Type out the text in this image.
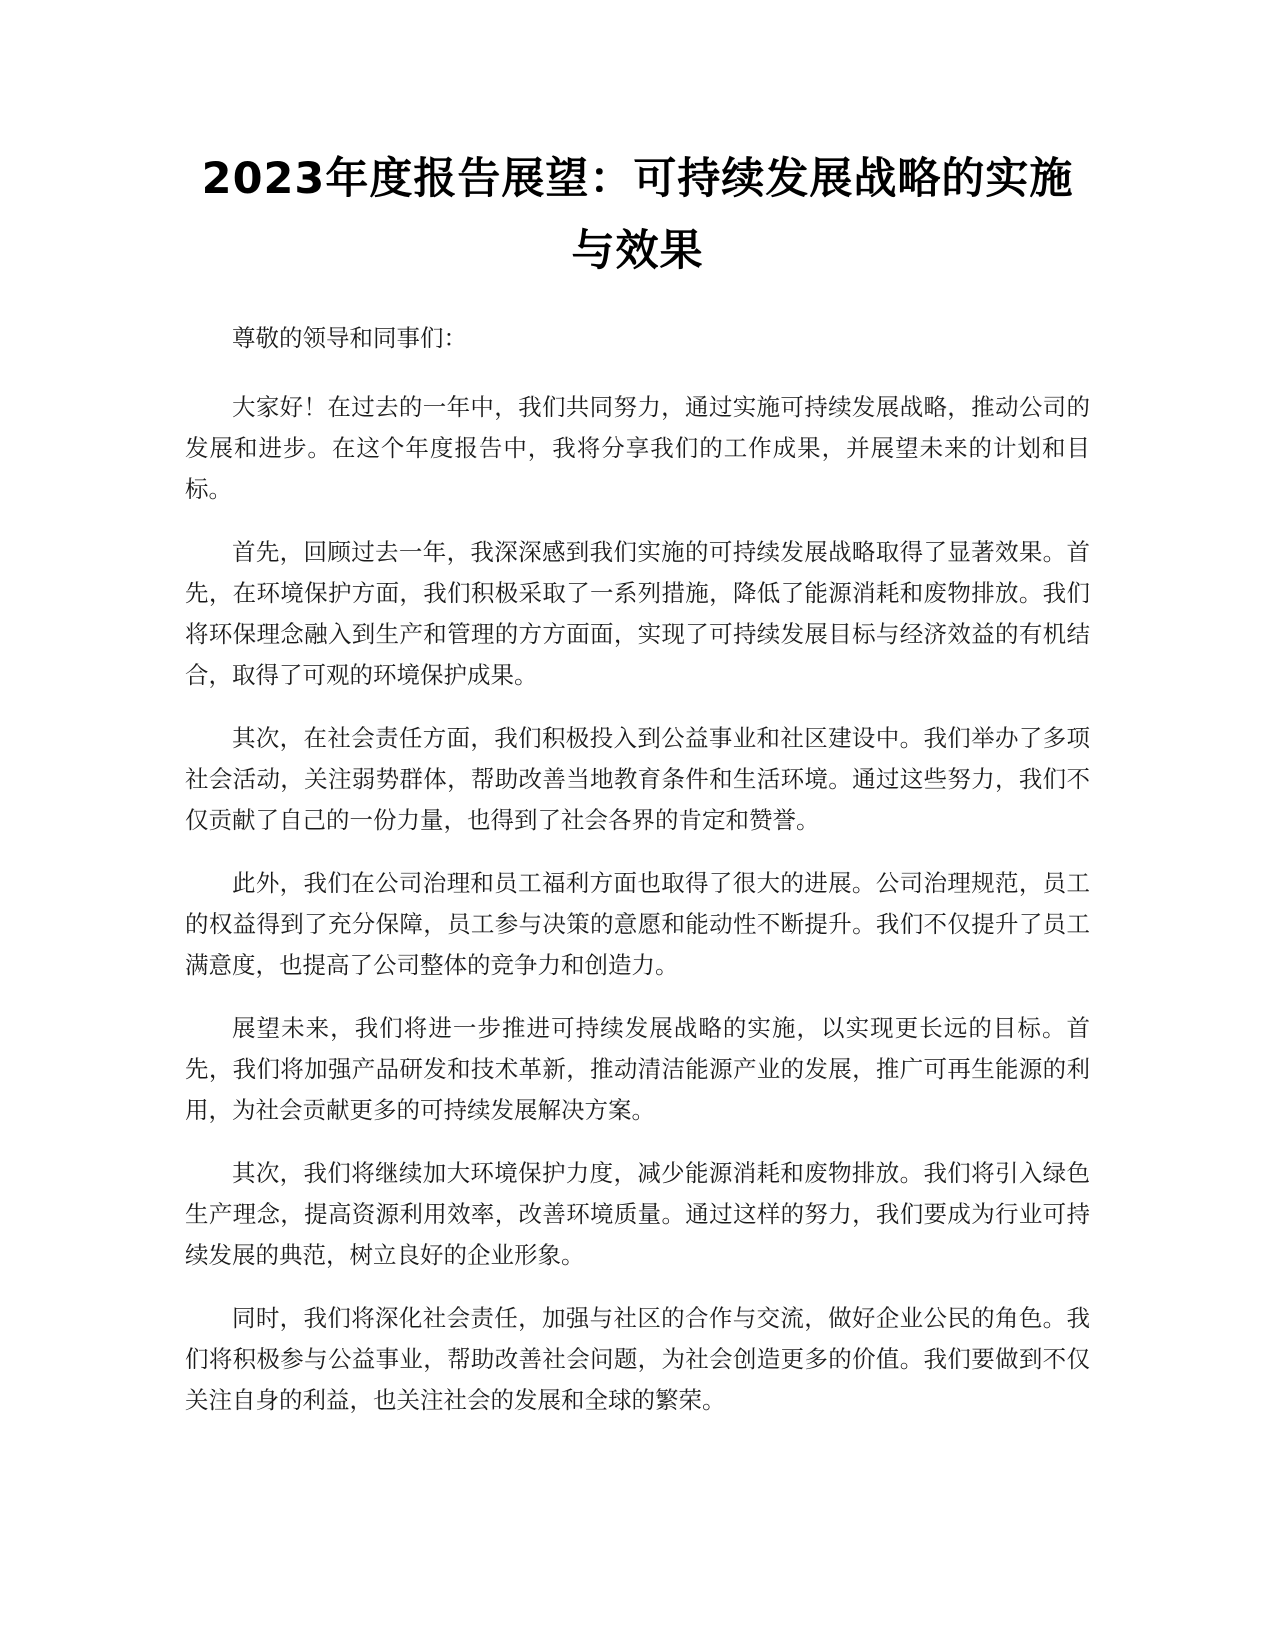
2023年度报告展望：可持续发展战略的实施与效果

尊敬的领导和同事们：

大家好！在过去的一年中，我们共同努力，通过实施可持续发展战略，推动公司的发展和进步。在这个年度报告中，我将分享我们的工作成果，并展望未来的计划和目标。

首先，回顾过去一年，我深深感到我们实施的可持续发展战略取得了显著效果。首先，在环境保护方面，我们积极采取了一系列措施，降低了能源消耗和废物排放。我们将环保理念融入到生产和管理的方方面面，实现了可持续发展目标与经济效益的有机结合，取得了可观的环境保护成果。

其次，在社会责任方面，我们积极投入到公益事业和社区建设中。我们举办了多项社会活动，关注弱势群体，帮助改善当地教育条件和生活环境。通过这些努力，我们不仅贡献了自己的一份力量，也得到了社会各界的肯定和赞誉。

此外，我们在公司治理和员工福利方面也取得了很大的进展。公司治理规范，员工的权益得到了充分保障，员工参与决策的意愿和能动性不断提升。我们不仅提升了员工满意度，也提高了公司整体的竞争力和创造力。

展望未来，我们将进一步推进可持续发展战略的实施，以实现更长远的目标。首先，我们将加强产品研发和技术革新，推动清洁能源产业的发展，推广可再生能源的利用，为社会贡献更多的可持续发展解决方案。

其次，我们将继续加大环境保护力度，减少能源消耗和废物排放。我们将引入绿色生产理念，提高资源利用效率，改善环境质量。通过这样的努力，我们要成为行业可持续发展的典范，树立良好的企业形象。

同时，我们将深化社会责任，加强与社区的合作与交流，做好企业公民的角色。我们将积极参与公益事业，帮助改善社会问题，为社会创造更多的价值。我们要做到不仅关注自身的利益，也关注社会的发展和全球的繁荣。
